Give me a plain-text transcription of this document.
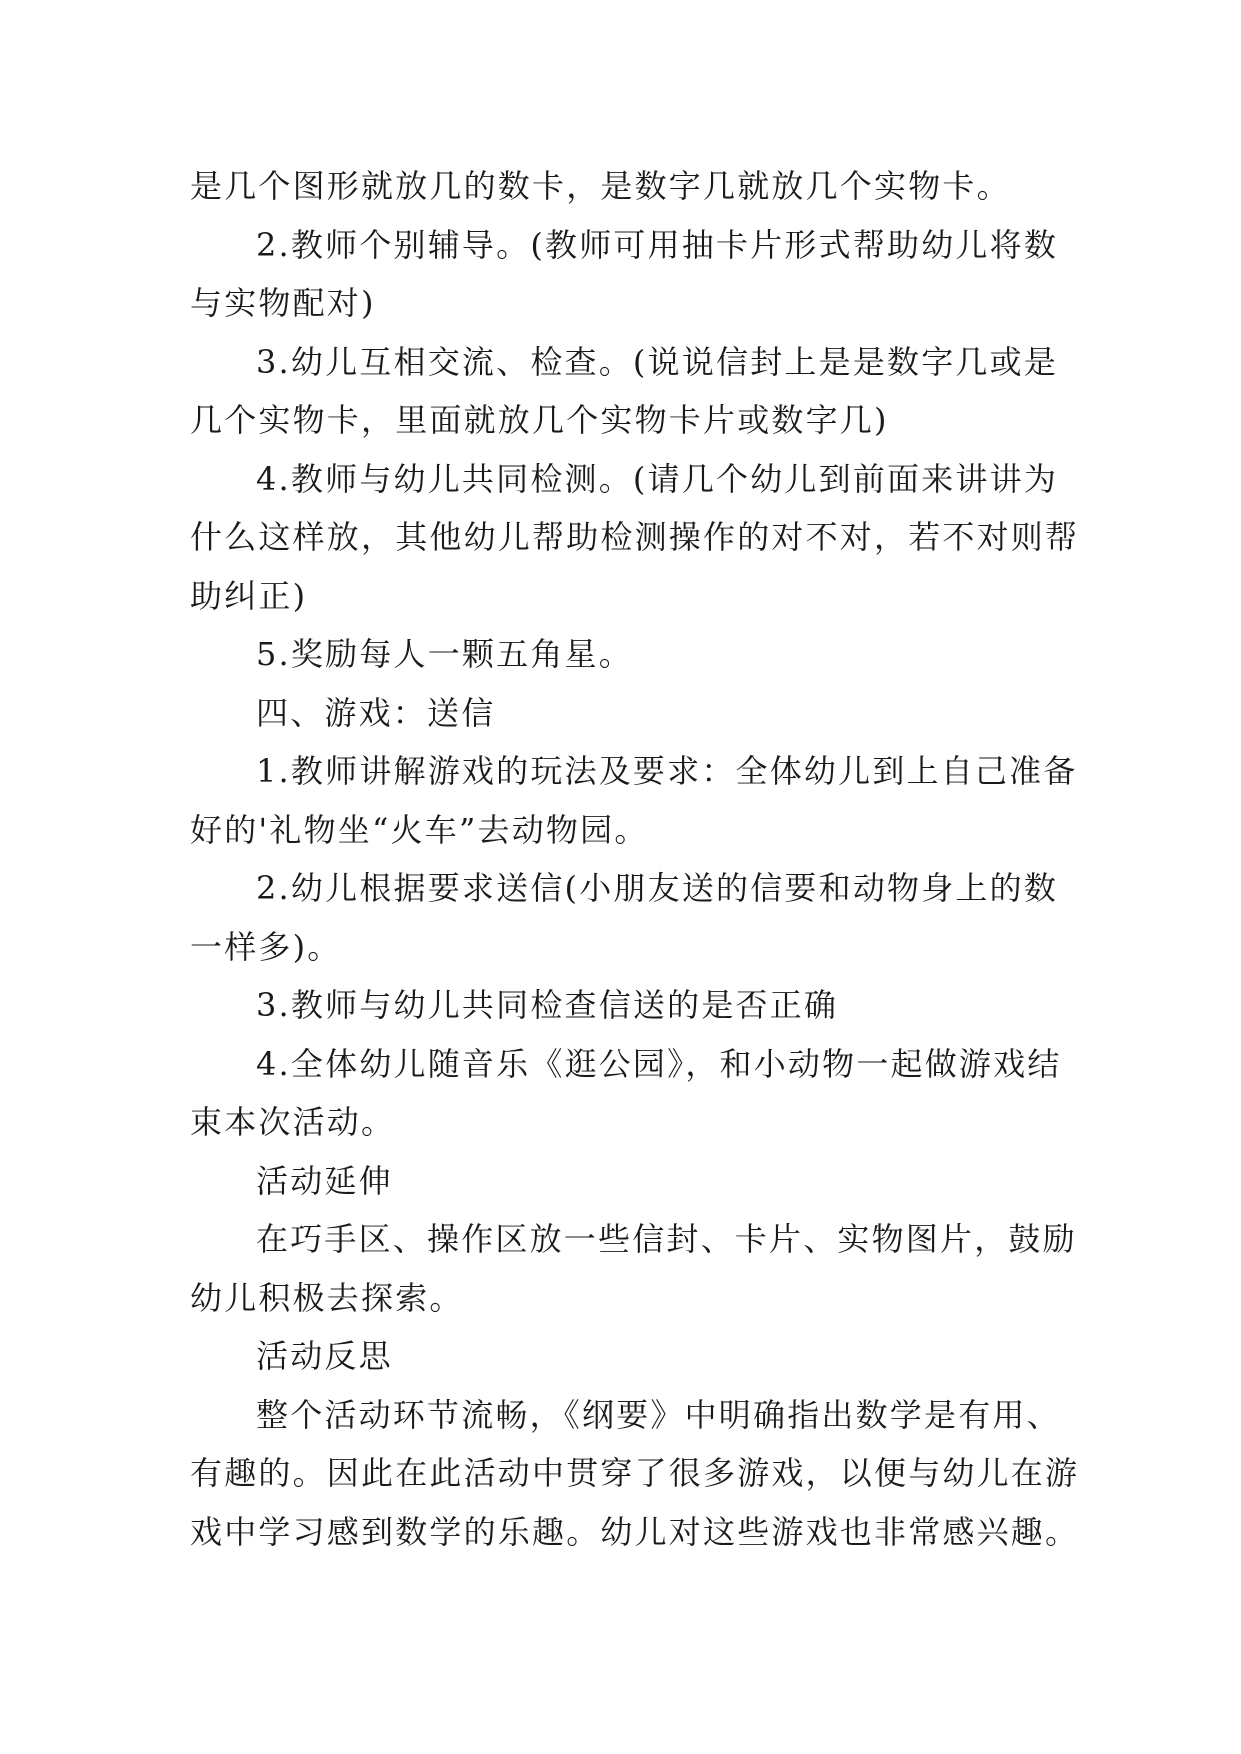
是几个图形就放几的数卡，是数字几就放几个实物卡。
2.教师个别辅导。(教师可用抽卡片形式帮助幼儿将数
与实物配对)
3.幼儿互相交流、检查。(说说信封上是是数字几或是
几个实物卡，里面就放几个实物卡片或数字几)
4.教师与幼儿共同检测。(请几个幼儿到前面来讲讲为
什么这样放，其他幼儿帮助检测操作的对不对，若不对则帮
助纠正)
5.奖励每人一颗五角星。
四、游戏：送信
1.教师讲解游戏的玩法及要求：全体幼儿到上自己准备
好的'礼物坐“火车”去动物园。
2.幼儿根据要求送信(小朋友送的信要和动物身上的数
一样多)。
3.教师与幼儿共同检查信送的是否正确
4.全体幼儿随音乐《逛公园》，和小动物一起做游戏结
束本次活动。
活动延伸
在巧手区、操作区放一些信封、卡片、实物图片，鼓励
幼儿积极去探索。
活动反思
整个活动环节流畅，《纲要》中明确指出数学是有用、
有趣的。因此在此活动中贯穿了很多游戏，以便与幼儿在游
戏中学习感到数学的乐趣。幼儿对这些游戏也非常感兴趣。
